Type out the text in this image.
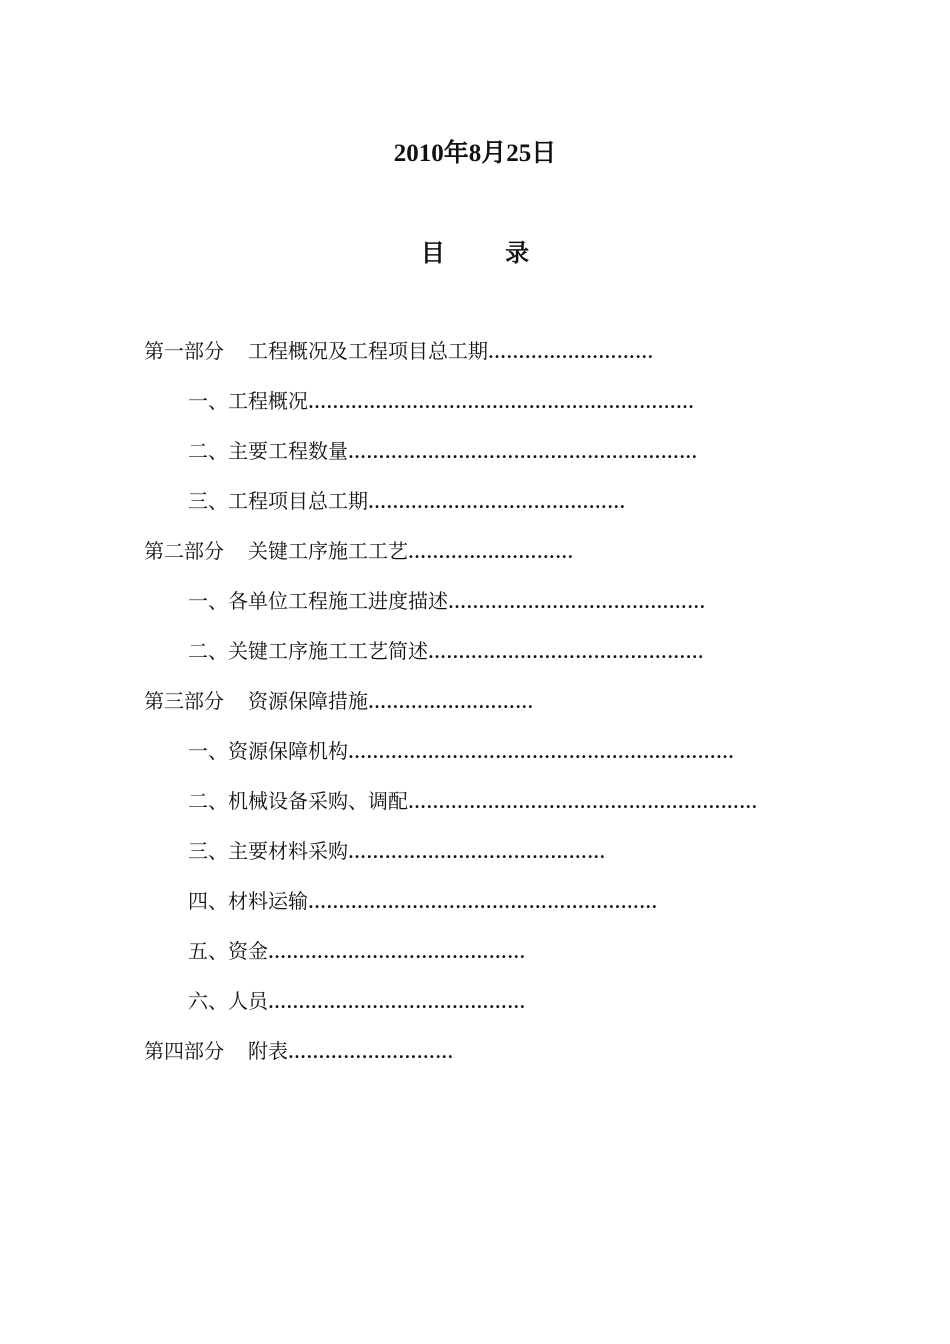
2010年8月25日
目 录
第一部分 工程概况及工程项目总工期………………………
一、工程概况………………………………………………………
二、主要工程数量…………………………………………………
三、工程项目总工期……………………………………
第二部分 关键工序施工工艺………………………
一、各单位工程施工进度描述……………………………………
二、关键工序施工工艺简述………………………………………
第三部分 资源保障措施………………………
一、资源保障机构………………………………………………………
二、机械设备采购、调配…………………………………………………
三、主要材料采购……………………………………
四、材料运输…………………………………………………
五、资金……………………………………
六、人员……………………………………
第四部分 附表………………………
